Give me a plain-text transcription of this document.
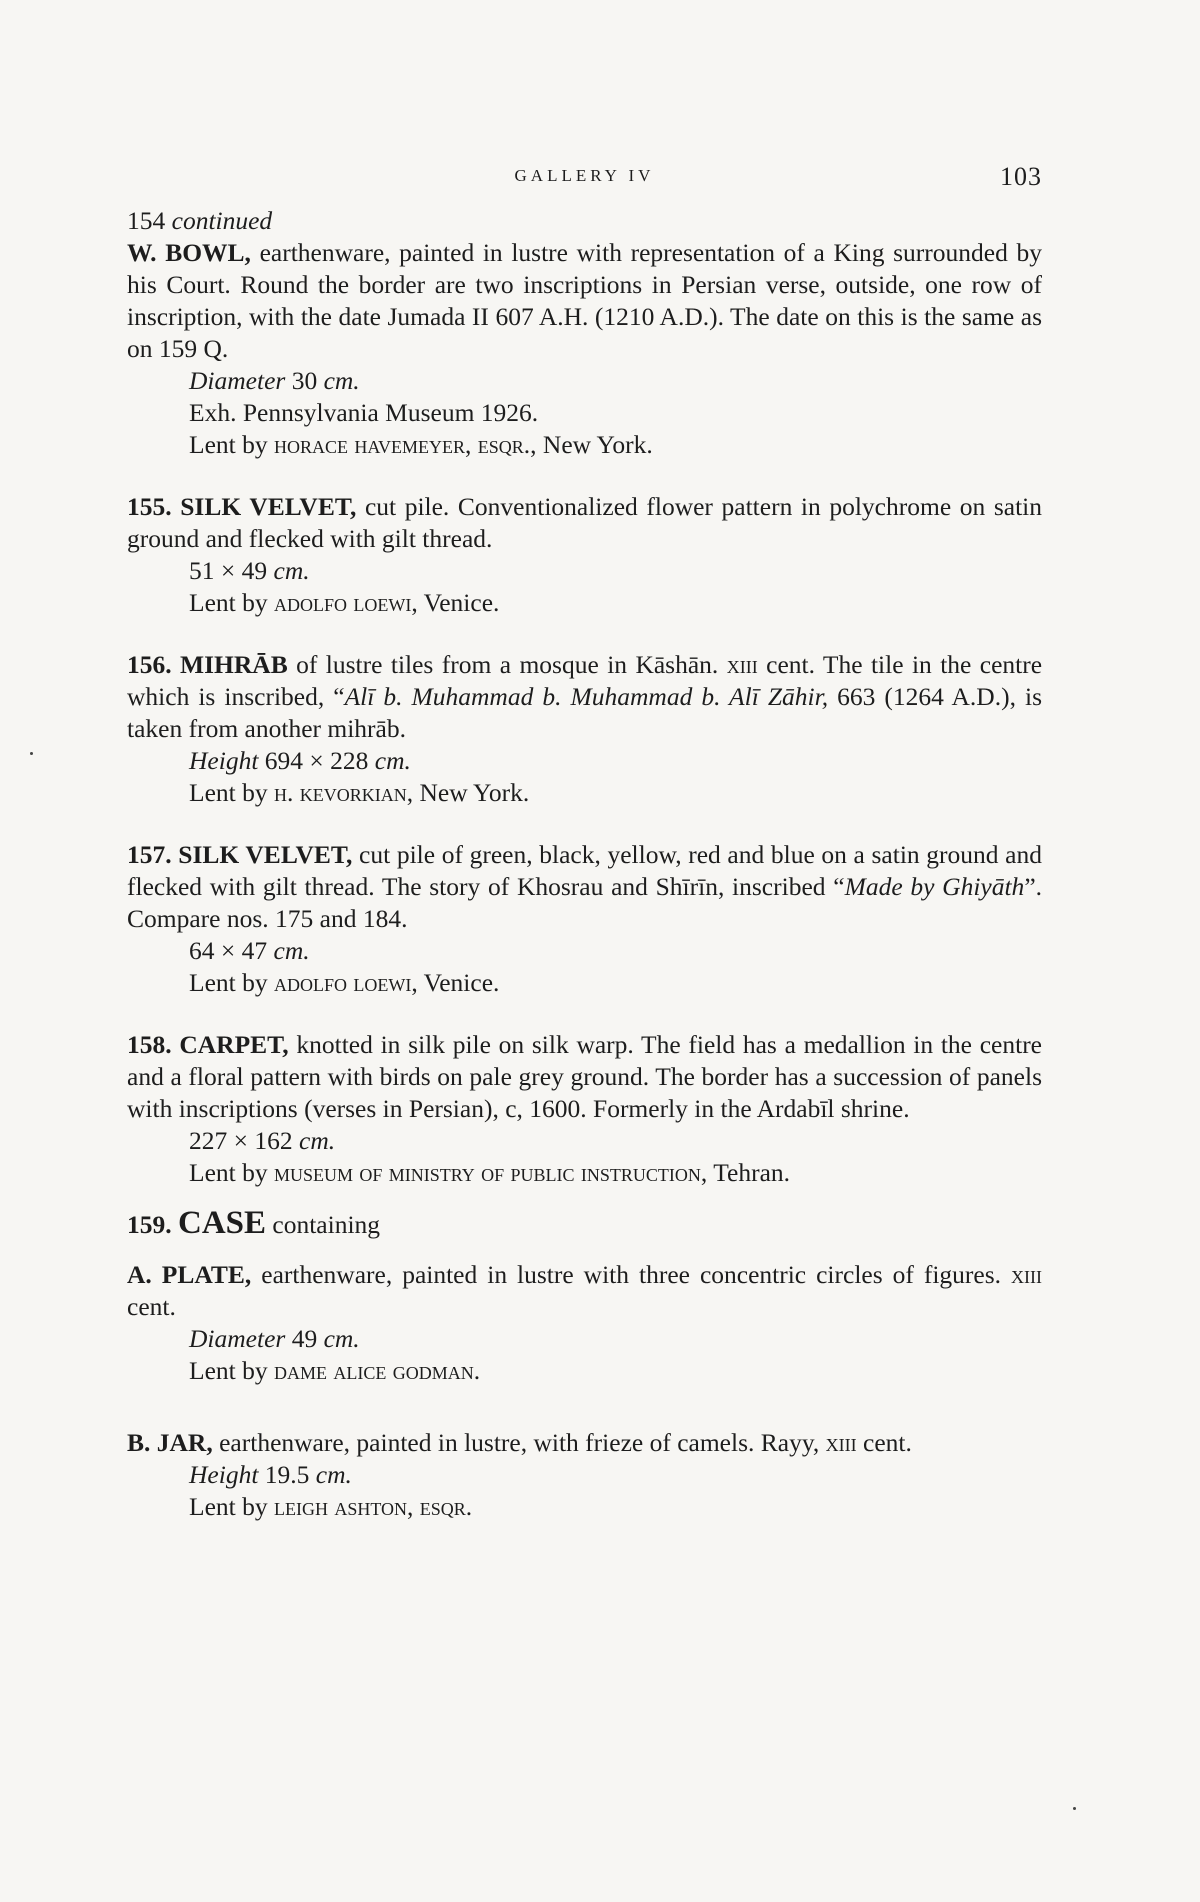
GALLERY IV	103

154 continued

W. BOWL, earthenware, painted in lustre with representation of a King surrounded by his Court. Round the border are two inscriptions in Persian verse, outside, one row of inscription, with the date Jumada II 607 A.H. (1210 A.D.). The date on this is the same as on 159 Q.

Diameter 30 cm.

Exh. Pennsylvania Museum 1926.

Lent by horace havemeyer, esqr., New York.

155. SILK VELVET, cut pile. Conventionalized flower pattern in polychrome on satin ground and flecked with gilt thread.

51 × 49 cm.

Lent by adolfo loewi, Venice.

156. MIHRĀB of lustre tiles from a mosque in Kāshān. xiii cent. The tile in the centre which is inscribed, “Alī b. Muhammad b. Muhammad b. Alī Zāhir, 663 (1264 A.D.), is taken from another mihrāb.

Height 694 × 228 cm.

Lent by h. kevorkian, New York.

157. SILK VELVET, cut pile of green, black, yellow, red and blue on a satin ground and flecked with gilt thread. The story of Khosrau and Shīrīn, inscribed “Made by Ghiyāth”. Compare nos. 175 and 184.

64 × 47 cm.

Lent by adolfo loewi, Venice.

158. CARPET, knotted in silk pile on silk warp. The field has a medallion in the centre and a floral pattern with birds on pale grey ground. The border has a succession of panels with inscriptions (verses in Persian), c, 1600. Formerly in the Ardabīl shrine.

227 × 162 cm.

Lent by museum of ministry of public instruction, Tehran.

159. CASE containing

A. PLATE, earthenware, painted in lustre with three concentric circles of figures. xiii cent.

Diameter 49 cm.

Lent by dame alice godman.

B. JAR, earthenware, painted in lustre, with frieze of camels. Rayy, xiii cent.

Height 19.5 cm.

Lent by leigh ashton, esqr.
